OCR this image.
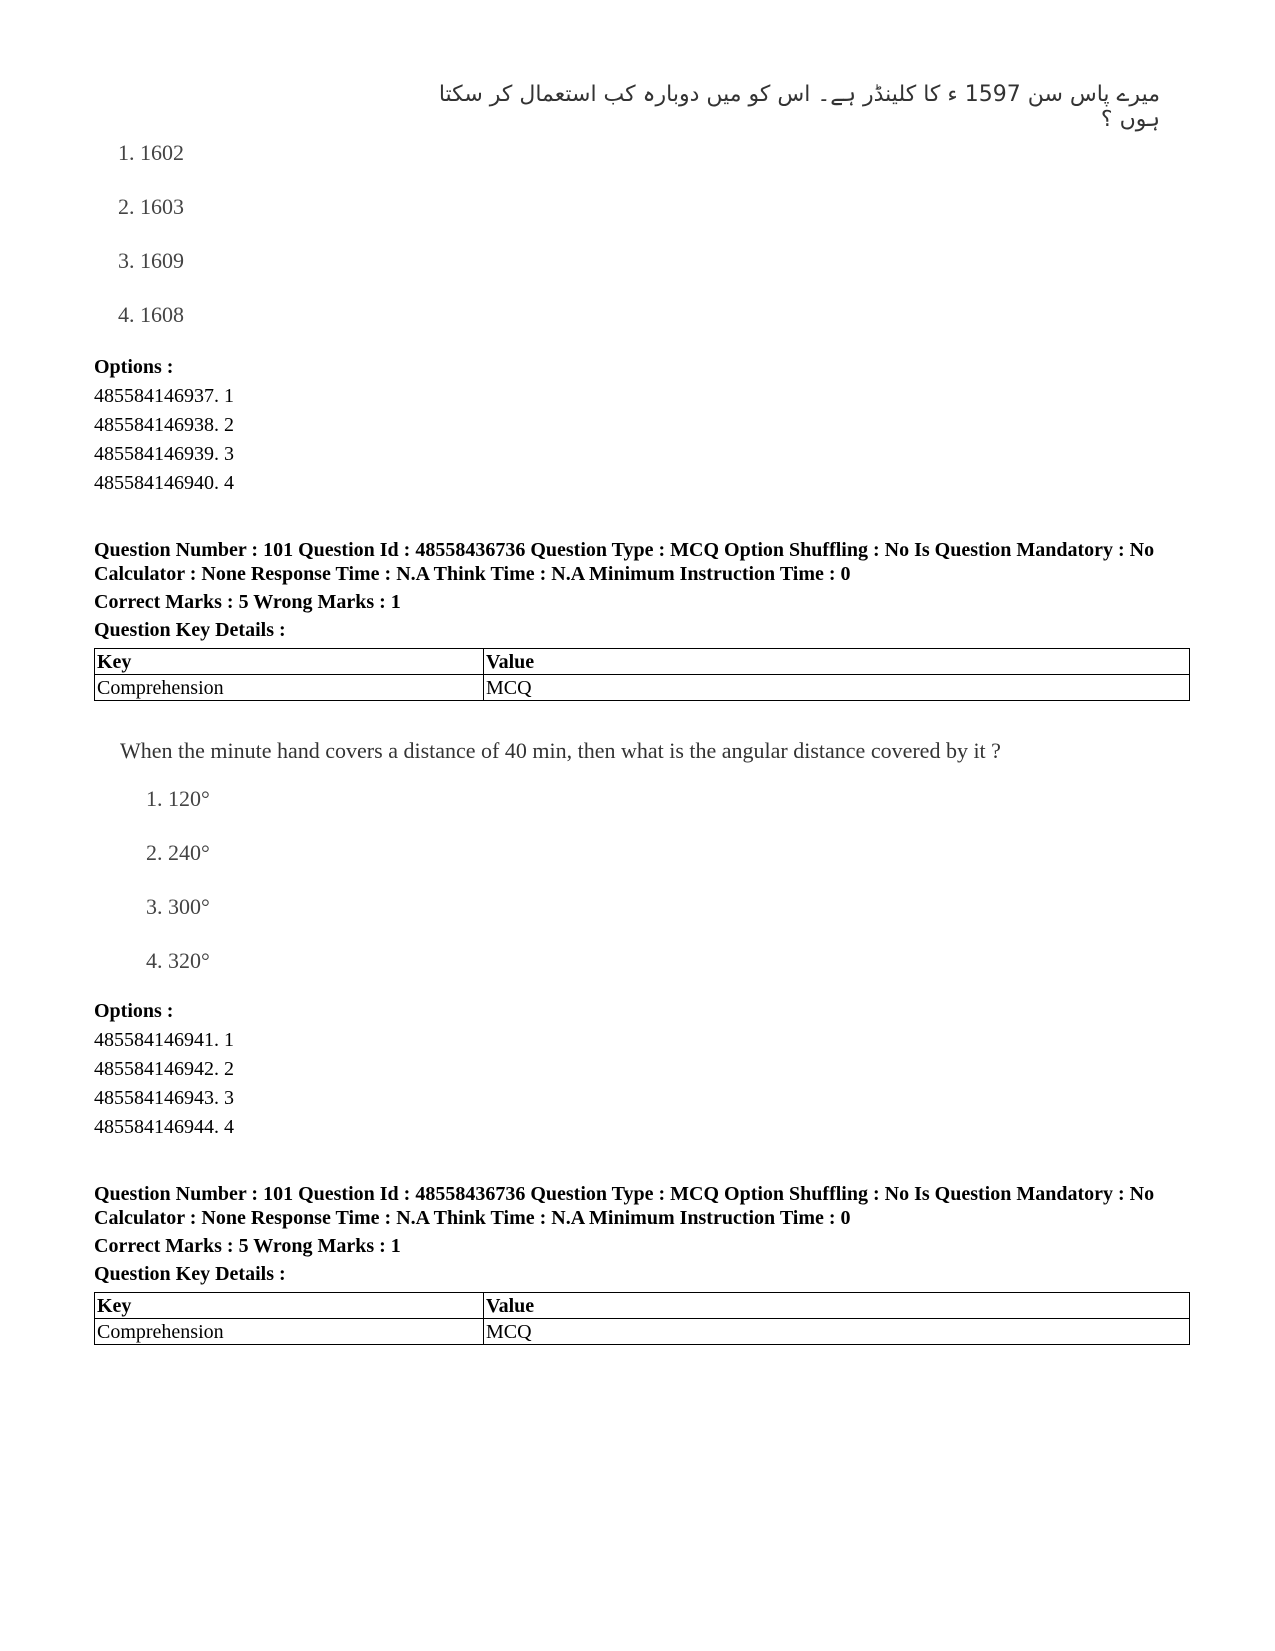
میرے پاس سن 1597 ء کا کلینڈر ہے۔ اس کو میں دوبارہ کب استعمال کر سکتا ہوں ؟
1. 1602
2. 1603
3. 1609
4. 1608
Options :
485584146937. 1
485584146938. 2
485584146939. 3
485584146940. 4
Question Number : 101 Question Id : 48558436736 Question Type : MCQ Option Shuffling : No Is Question Mandatory : No Calculator : None Response Time : N.A Think Time : N.A Minimum Instruction Time : 0
Correct Marks : 5 Wrong Marks : 1
Question Key Details :
Key	Value
Comprehension	MCQ
When the minute hand covers a distance of 40 min, then what is the angular distance covered by it ?
1. 120°
2. 240°
3. 300°
4. 320°
Options :
485584146941. 1
485584146942. 2
485584146943. 3
485584146944. 4
Question Number : 101 Question Id : 48558436736 Question Type : MCQ Option Shuffling : No Is Question Mandatory : No Calculator : None Response Time : N.A Think Time : N.A Minimum Instruction Time : 0
Correct Marks : 5 Wrong Marks : 1
Question Key Details :
Key	Value
Comprehension	MCQ
